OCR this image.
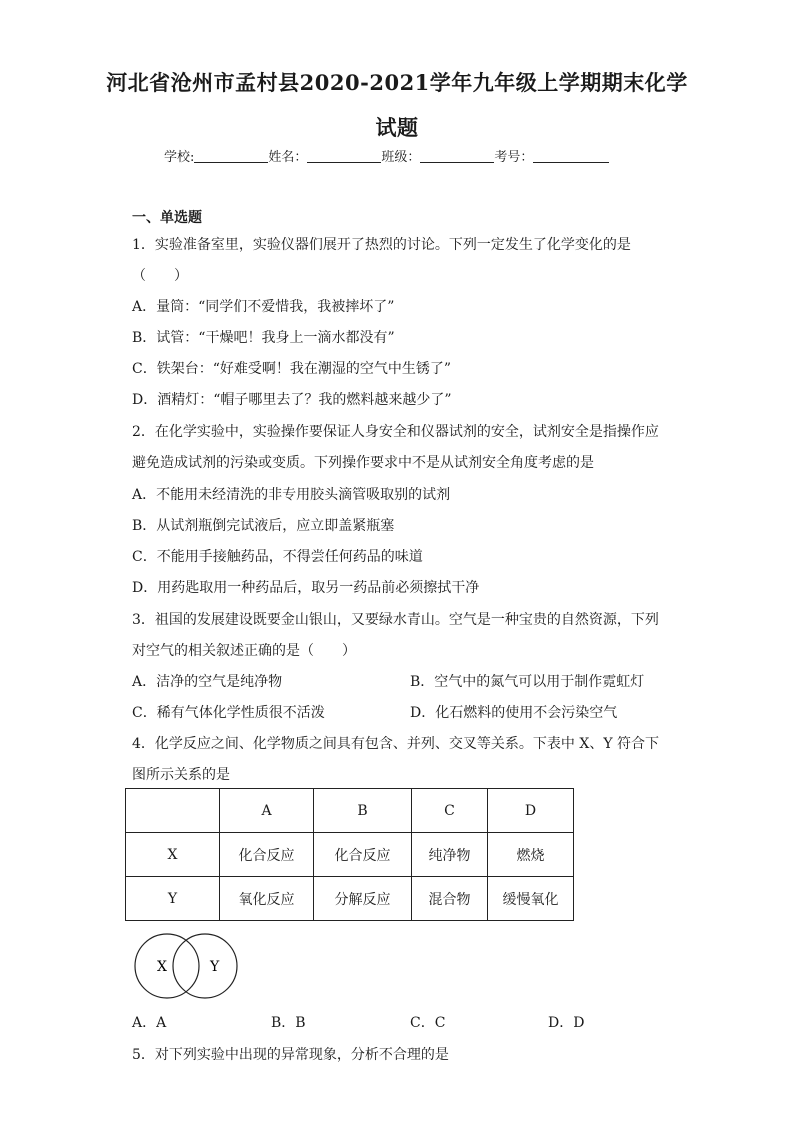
河北省沧州市孟村县2020-2021学年九年级上学期期末化学
试题
学校:	姓名：	班级：	考号：
一、单选题
1．实验准备室里，实验仪器们展开了热烈的讨论。下列一定发生了化学变化的是
（　　）
A．量筒：“同学们不爱惜我，我被摔坏了”
B．试管：“干燥吧！我身上一滴水都没有”
C．铁架台：“好难受啊！我在潮湿的空气中生锈了”
D．酒精灯：“帽子哪里去了？我的燃料越来越少了”
2．在化学实验中，实验操作要保证人身安全和仪器试剂的安全，试剂安全是指操作应
避免造成试剂的污染或变质。下列操作要求中不是从试剂安全角度考虑的是
A．不能用未经清洗的非专用胶头滴管吸取别的试剂
B．从试剂瓶倒完试液后，应立即盖紧瓶塞
C．不能用手接触药品，不得尝任何药品的味道
D．用药匙取用一种药品后，取另一药品前必须擦拭干净
3．祖国的发展建设既要金山银山，又要绿水青山。空气是一种宝贵的自然资源，下列
对空气的相关叙述正确的是（　　）
A．洁净的空气是纯净物	B．空气中的氮气可以用于制作霓虹灯
C．稀有气体化学性质很不活泼	D．化石燃料的使用不会污染空气
4．化学反应之间、化学物质之间具有包含、并列、交叉等关系。下表中 X、Y 符合下
图所示关系的是
	A	B	C	D
X	化合反应	化合反应	纯净物	燃烧
Y	氧化反应	分解反应	混合物	缓慢氧化
X	Y
A．A	B．B	C．C	D．D
5．对下列实验中出现的异常现象，分析不合理的是
